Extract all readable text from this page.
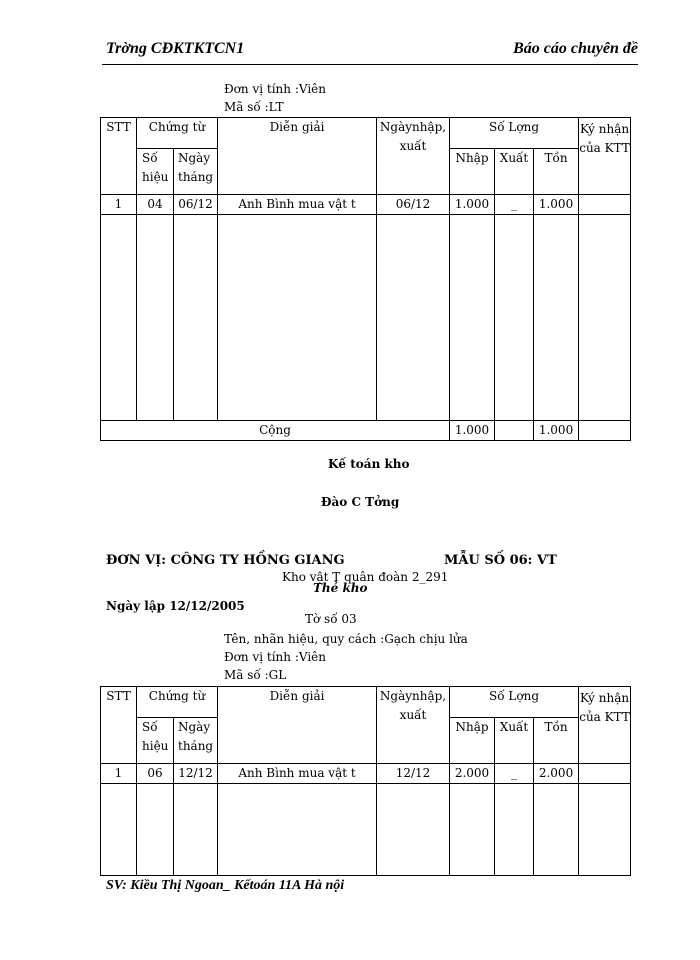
Trờng CĐKTKTCN1	Báo cáo chuyên đề
Đơn vị tính :Viên
Mã số :LT
STT	Chứng từ		Diễn giải	Ngàynhập, xuất	Số Lợng			Ký nhận của KTT
	Số hiệu	Ngày tháng			Nhập	Xuất	Tồn	
1	04	06/12	Anh Bình mua vật t	06/12	1.000	_	1.000	

Cộng					1.000		1.000	
Kế toán kho
Đào C Tởng
ĐƠN VỊ: CÔNG TY HỒNG GIANG	MẪU SỐ 06: VT
Kho vật T quân đoàn 2_291
Thẻ kho
Ngày lập 12/12/2005
Tờ số 03
Tên, nhãn hiệu, quy cách :Gạch chịu lửa
Đơn vị tính :Viên
Mã số :GL
STT	Chứng từ		Diễn giải	Ngàynhập, xuất	Số Lợng			Ký nhận của KTT
	Số hiệu	Ngày tháng			Nhập	Xuất	Tồn	
1	06	12/12	Anh Bình mua vật t	12/12	2.000	_	2.000	

SV: Kiều Thị Ngoan_ Kếtoán 11A Hà nội
